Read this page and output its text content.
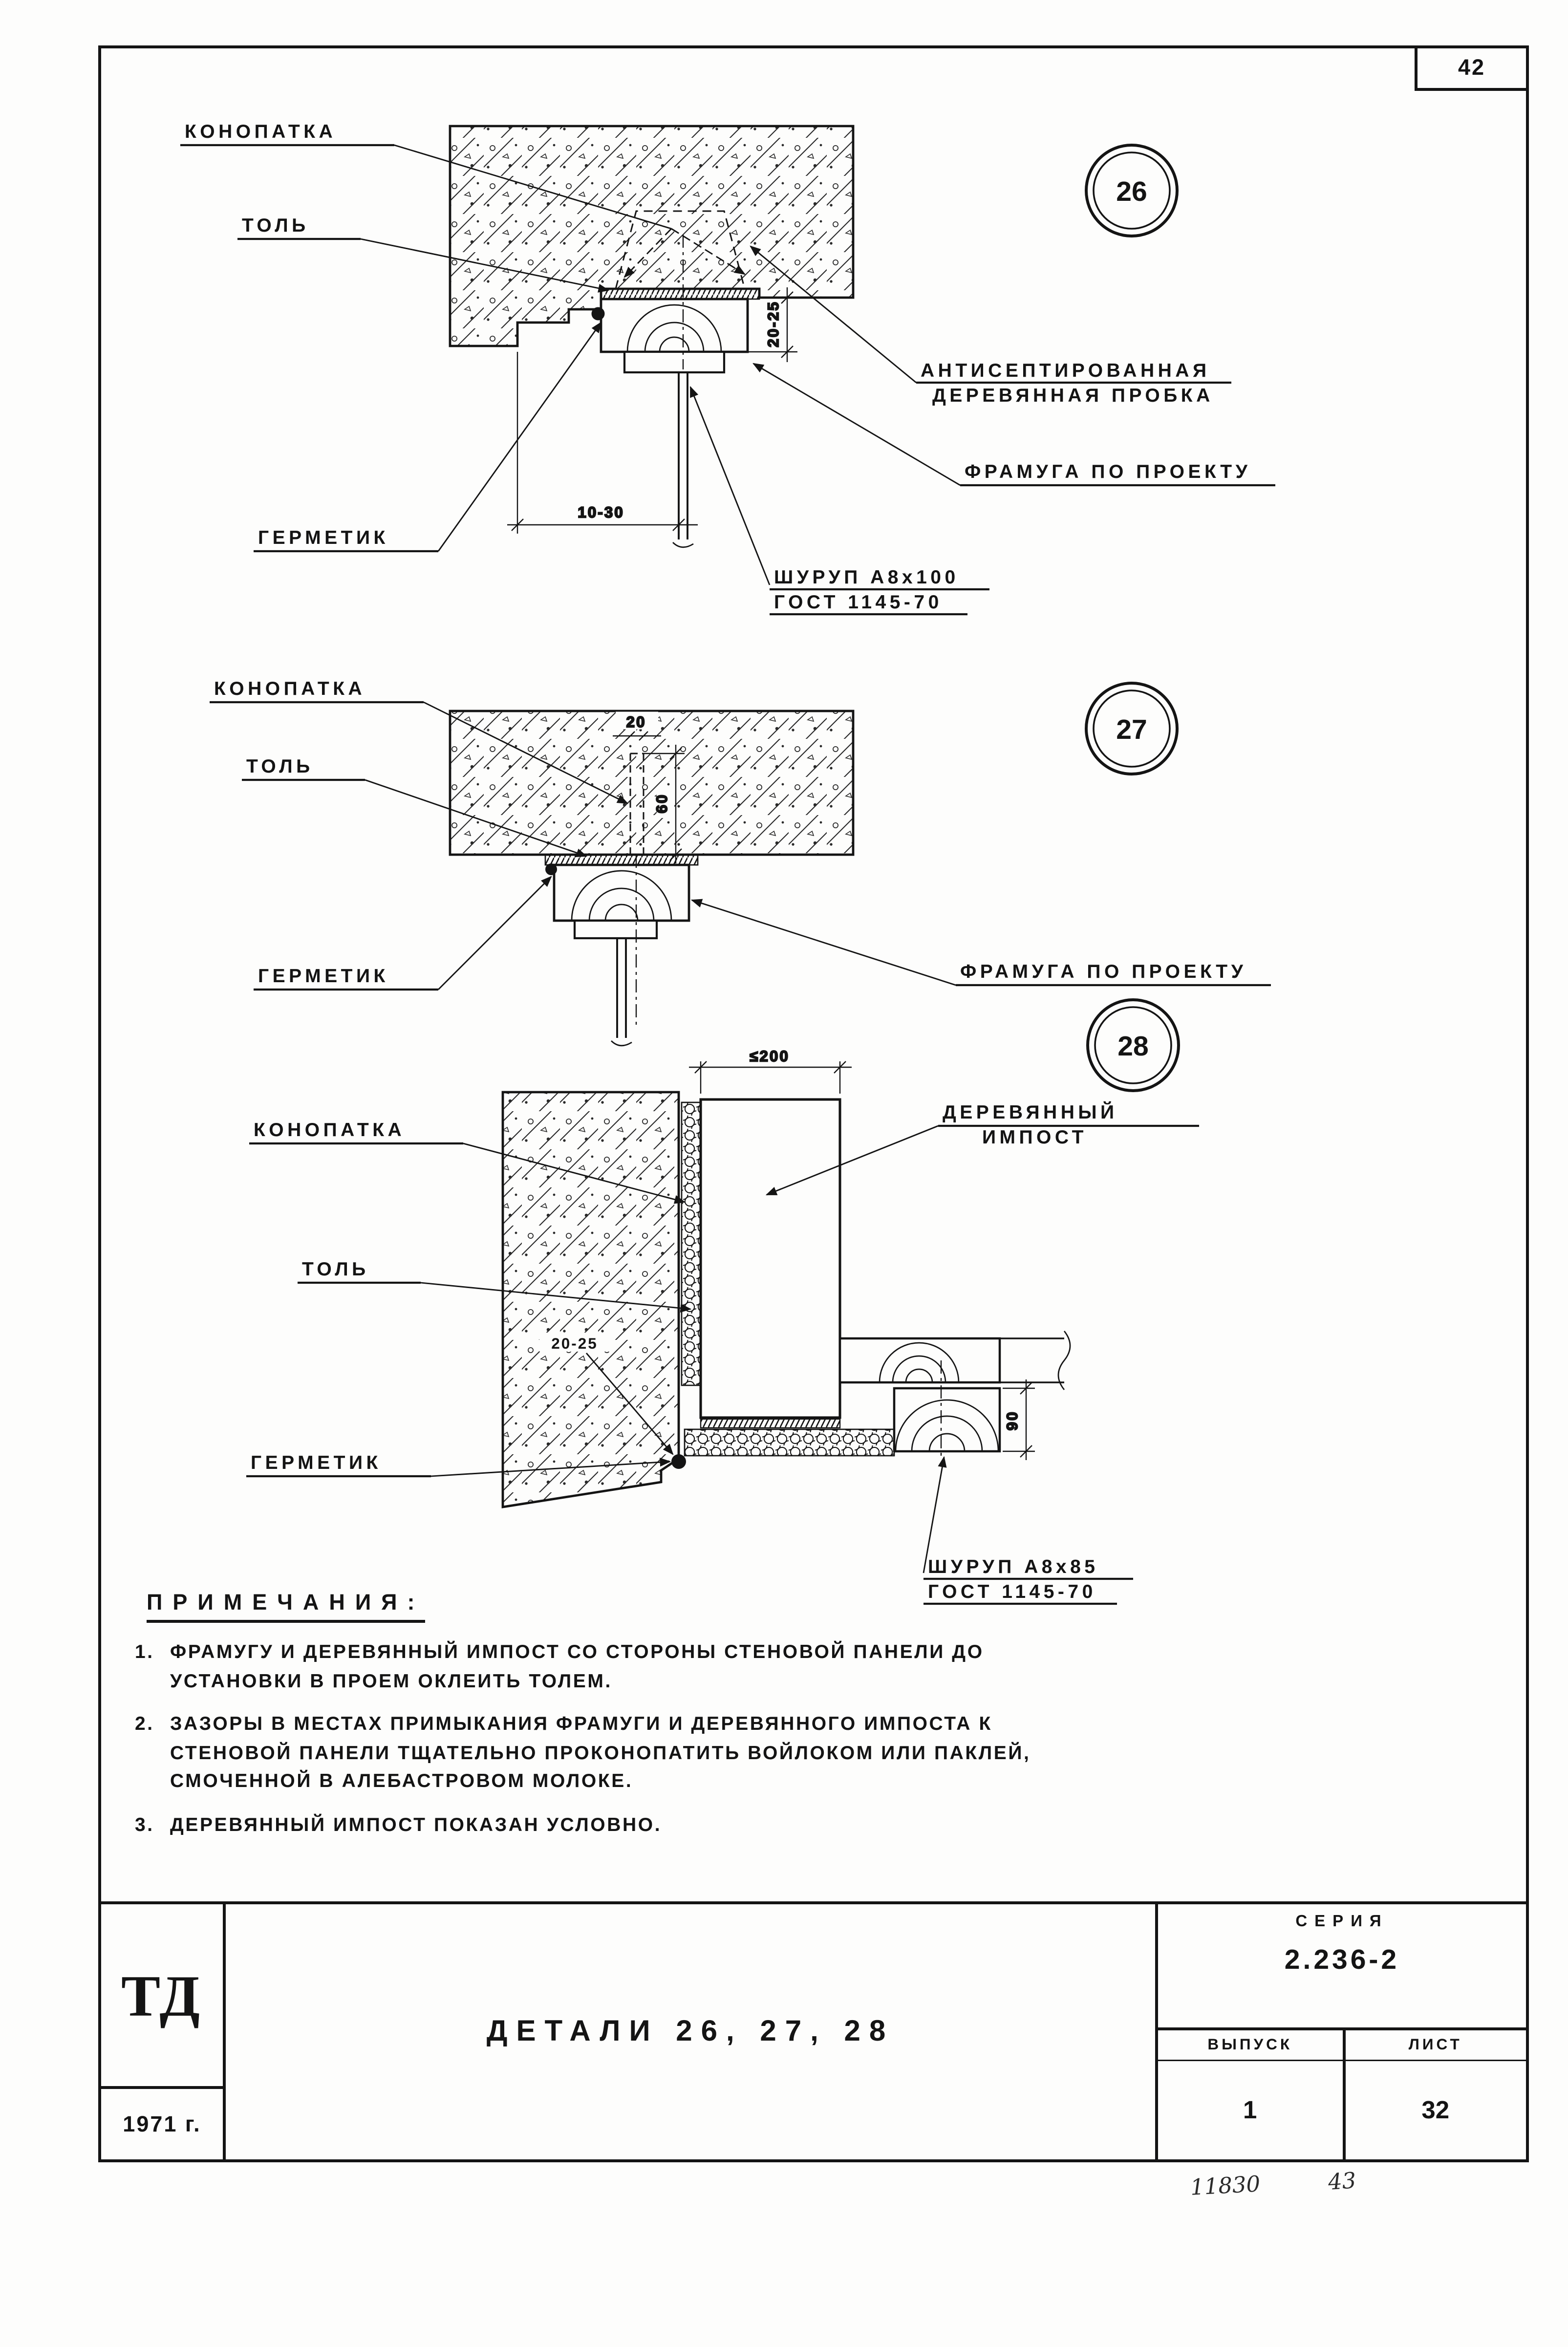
42
20-25
10-30
КОНОПАТКА
ТОЛЬ
ГЕРМЕТИК
АНТИСЕПТИРОВАННАЯ
ДЕРЕВЯННАЯ ПРОБКА
ФРАМУГА ПО ПРОЕКТУ
ШУРУП А8х100
ГОСТ 1145-70
26
20
60
КОНОПАТКА
ТОЛЬ
ГЕРМЕТИК	ФРАМУГА ПО ПРОЕКТУ
27
≤200
90
20-25
КОНОПАТКА
ТОЛЬ
ГЕРМЕТИК
ДЕРЕВЯННЫЙ
ИМПОСТ
ШУРУП А8х85
ГОСТ 1145-70
28
ПРИМЕЧАНИЯ:
1.	ФРАМУГУ И ДЕРЕВЯННЫЙ ИМПОСТ СО СТОРОНЫ СТЕНОВОЙ ПАНЕЛИ ДО УСТАНОВКИ В ПРОЕМ ОКЛЕИТЬ ТОЛЕМ.
2.	ЗАЗОРЫ В МЕСТАХ ПРИМЫКАНИЯ ФРАМУГИ И ДЕРЕВЯННОГО ИМПОСТА К СТЕНОВОЙ ПАНЕЛИ ТЩАТЕЛЬНО ПРОКОНОПАТИТЬ ВОЙЛОКОМ ИЛИ ПАКЛЕЙ, СМОЧЕННОЙ В АЛЕБАСТРОВОМ МОЛОКЕ.
3.	ДЕРЕВЯННЫЙ ИМПОСТ ПОКАЗАН УСЛОВНО.
ТД
1971 г.
ДЕТАЛИ 26, 27, 28
СЕРИЯ
2.236-2
ВЫПУСК
1
ЛИСТ
32
11830	43
